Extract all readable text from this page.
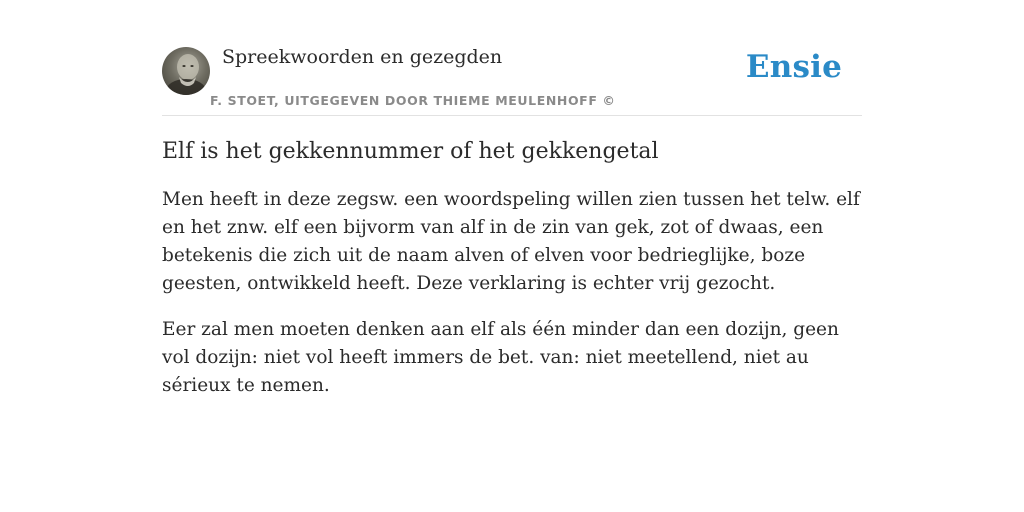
Spreekwoorden en gezegden
F. STOET, UITGEGEVEN DOOR THIEME MEULENHOFF ©
Ensie
Elf is het gekkennummer of het gekkengetal

Men heeft in deze zegsw. een woordspeling willen zien tussen het telw. elf en het znw. elf een bijvorm van alf in de zin van gek, zot of dwaas, een betekenis die zich uit de naam alven of elven voor bedrieglijke, boze geesten, ontwikkeld heeft. Deze verklaring is echter vrij gezocht.

Eer zal men moeten denken aan elf als één minder dan een dozijn, geen vol dozijn: niet vol heeft immers de bet. van: niet meetellend, niet au sérieux te nemen.
